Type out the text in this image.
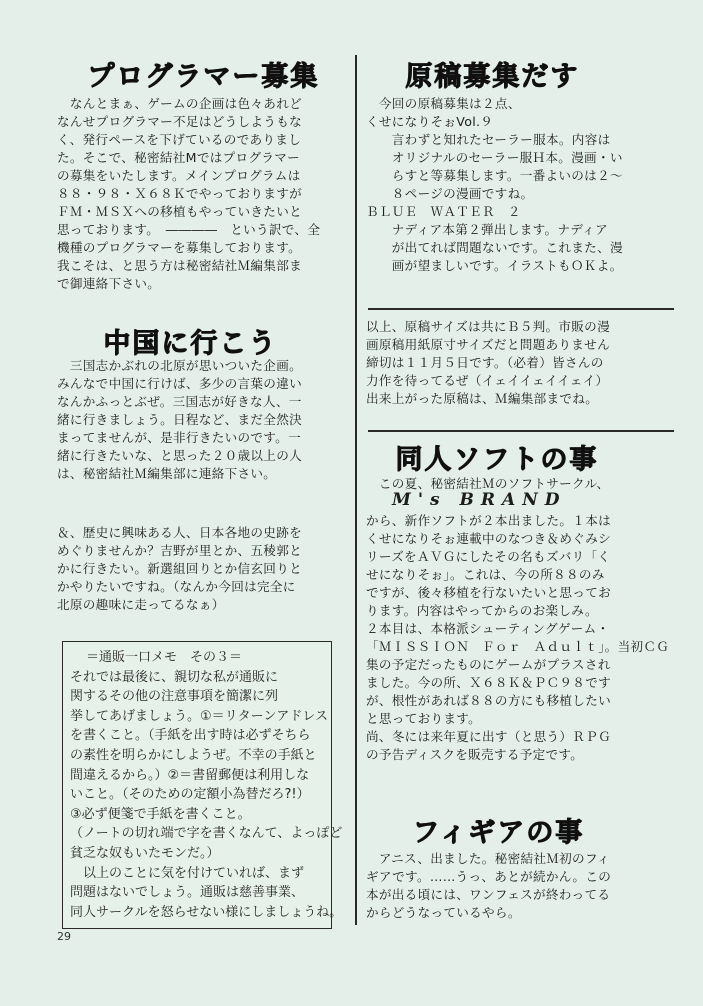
プログラマー募集
　なんとまぁ、ゲームの企画は色々あれど
なんせプログラマー不足はどうしようもな
く、発行ペースを下げているのでありまし
た。そこで、秘密結社Mではプログラマー
の募集をいたします。メインプログラムは
８８・９８・Ｘ６８Ｋでやっておりますが
ＦＭ・ＭＳＸへの移植もやっていきたいと
思っております。　――――　という訳で、全
機種のプログラマーを募集しております。
我こそは、と思う方は秘密結社Ｍ編集部ま
で御連絡下さい。
中国に行こう
　三国志かぶれの北原が思いついた企画。
みんなで中国に行けば、多少の言葉の違い
なんかふっとぶぜ。三国志が好きな人、一
緒に行きましょう。日程など、まだ全然決
まってませんが、是非行きたいのです。一
緒に行きたいな、と思った２０歳以上の人
は、秘密結社Ｍ編集部に連絡下さい。
＆、歴史に興味ある人、日本各地の史跡を
めぐりませんか？吉野が里とか、五稜郭と
かに行きたい。新選組回りとか信玄回りと
かやりたいですね。（なんか今回は完全に
北原の趣味に走ってるなぁ）
＝通販一口メモ　その３＝
それでは最後に、親切な私が通販に
関するその他の注意事項を簡潔に列
挙してあげましょう。①＝リターンアドレス
を書くこと。（手紙を出す時は必ずそちら
の素性を明らかにしようぜ。不幸の手紙と
間違えるから。）②＝書留郵便は利用しな
いこと。（そのための定額小為替だろ?!）
③必ず便箋で手紙を書くこと。
（ノートの切れ端で字を書くなんて、よっぽど
貧乏な奴もいたモンだ。）
　以上のことに気を付けていれば、まず
問題はないでしょう。通販は慈善事業、
同人サークルを怒らせない様にしましょうね。
29
原稿募集だす
　今回の原稿募集は２点、
くせになりそぉVol.９
　　言わずと知れたセーラー服本。内容は
　　オリジナルのセーラー服Ｈ本。漫画・い
　　らすと等募集します。一番よいのは２～
　　８ページの漫画ですね。
ＢＬＵＥ　ＷＡＴＥＲ　２
　　ナディア本第２弾出します。ナディア
　　が出てれば問題ないです。これまた、漫
　　画が望ましいです。イラストもＯＫよ。
以上、原稿サイズは共にＢ５判。市販の漫
画原稿用紙原寸サイズだと問題ありません
締切は１１月５日です。（必着）皆さんの
力作を待ってるぜ（イェイイェイイェイ）
出来上がった原稿は、Ｍ編集部までね。
同人ソフトの事
　この夏、秘密結社Ｍのソフトサークル、
M's BRAND
から、新作ソフトが２本出ました。１本は
くせになりそぉ連載中のなつき＆めぐみシ
リーズをＡＶＧにしたその名もズバリ「く
せになりそぉ」。これは、今の所８８のみ
ですが、後々移植を行ないたいと思ってお
ります。内容はやってからのお楽しみ。
２本目は、本格派シューティングゲーム・
「ＭＩＳＳＩＯＮ　Ｆｏｒ　Ａｄｕｌｔ」。当初ＣＧ
集の予定だったものにゲームがプラスされ
ました。今の所、Ｘ６８Ｋ＆ＰＣ９８です
が、根性があれば８８の方にも移植したい
と思っております。
尚、冬には来年夏に出す（と思う）ＲＰＧ
の予告ディスクを販売する予定です。
フィギアの事
　アニス、出ました。秘密結社Ｍ初のフィ
ギアです。……うっ、あとが続かん。この
本が出る頃には、ワンフェスが終わってる
からどうなっているやら。
